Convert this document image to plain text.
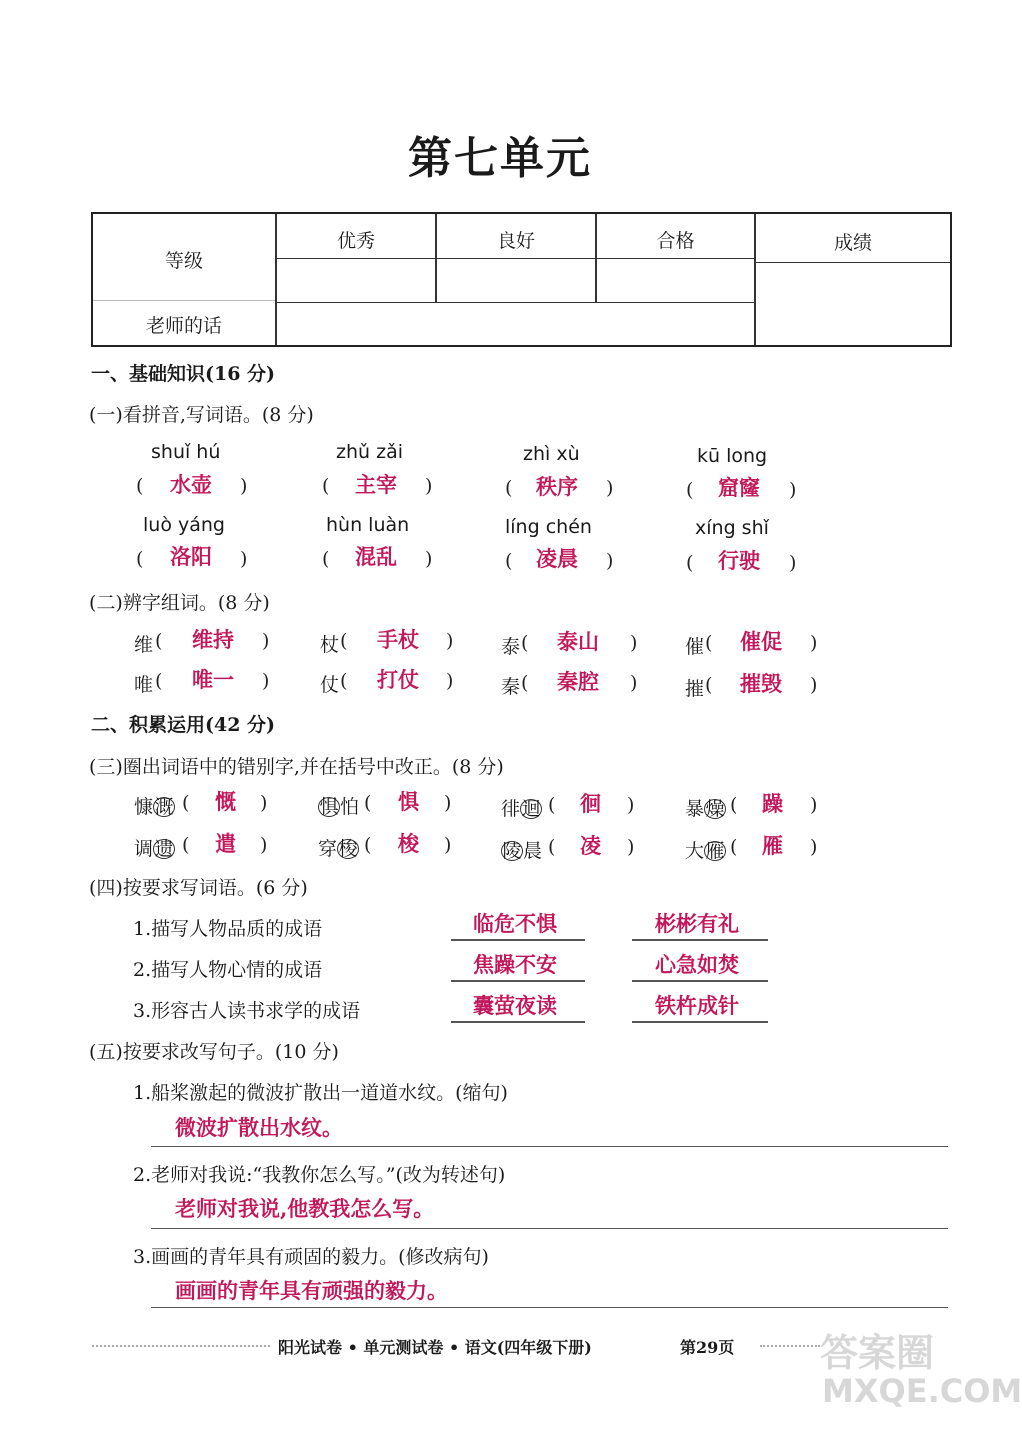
第七单元
等级
优秀	良好	合格	成绩
老师的话
一、基础知识(16 分)
(一)看拼音,写词语。(8 分)
shuǐ hú	zhǔ zǎi	zhì xù	kū long
( 水壶 )	( 主宰 )	( 秩序 )	( 窟窿 )
luò yáng	hùn luàn	líng chén	xíng shǐ
( 洛阳 )	( 混乱 )	( 凌晨 )	( 行驶 )
(二)辨字组词。(8 分)
维 ( 维持 )	杖 ( 手杖 )	泰 ( 泰山 )	催 ( 催促 )
唯 ( 唯一 )	仗 ( 打仗 )	秦 ( 秦腔 )	摧 ( 摧毁 )
二、积累运用(42 分)
(三)圈出词语中的错别字,并在括号中改正。(8 分)
慷溉 ( 慨 )	惧怕 ( 惧 )	徘迴 ( 徊 )	暴燥 ( 躁 )
调遗 ( 遣 )	穿梭 ( 梭 )	陵晨 ( 凌 )	大雁 ( 雁 )
(四)按要求写词语。(6 分)
1.描写人物品质的成语	临危不惧	彬彬有礼
2.描写人物心情的成语	焦躁不安	心急如焚
3.形容古人读书求学的成语	囊萤夜读	铁杵成针
(五)按要求改写句子。(10 分)
1.船桨激起的微波扩散出一道道水纹。(缩句)
微波扩散出水纹。
2.老师对我说:“我教你怎么写。”(改为转述句)
老师对我说,他教我怎么写。
3.画画的青年具有顽固的毅力。(修改病句)
画画的青年具有顽强的毅力。
阳光试卷 • 单元测试卷 • 语文(四年级下册)	第29页 答案圈
MXQE.COM
